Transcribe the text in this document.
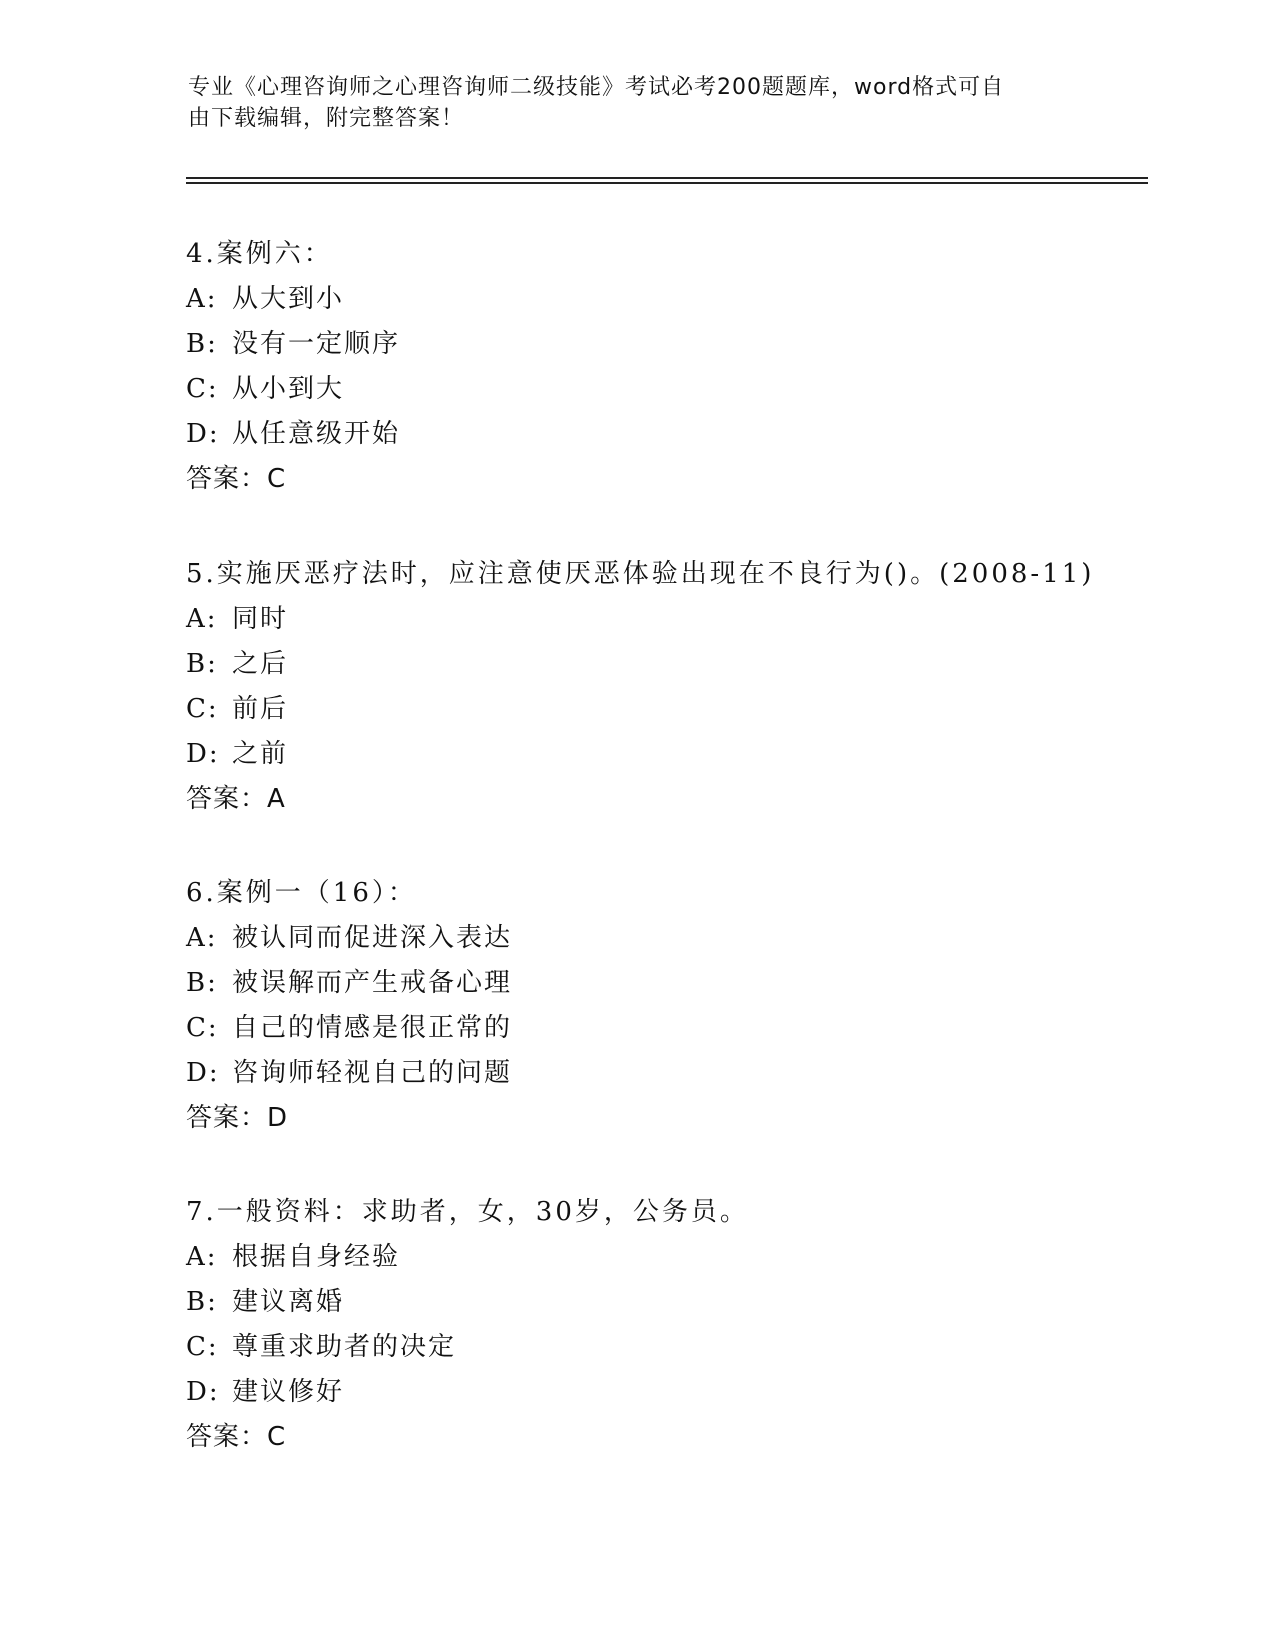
专业《心理咨询师之心理咨询师二级技能》考试必考200题题库，word格式可自
由下载编辑，附完整答案！
4.案例六：
A: 从大到小
B: 没有一定顺序
C: 从小到大
D: 从任意级开始
答案：C
5.实施厌恶疗法时，应注意使厌恶体验出现在不良行为()。(2008-11)
A: 同时
B: 之后
C: 前后
D: 之前
答案：A
6.案例一（16）：
A: 被认同而促进深入表达
B: 被误解而产生戒备心理
C: 自己的情感是很正常的
D: 咨询师轻视自己的问题
答案：D
7.一般资料：求助者，女，30岁，公务员。
A: 根据自身经验
B: 建议离婚
C: 尊重求助者的决定
D: 建议修好
答案：C
